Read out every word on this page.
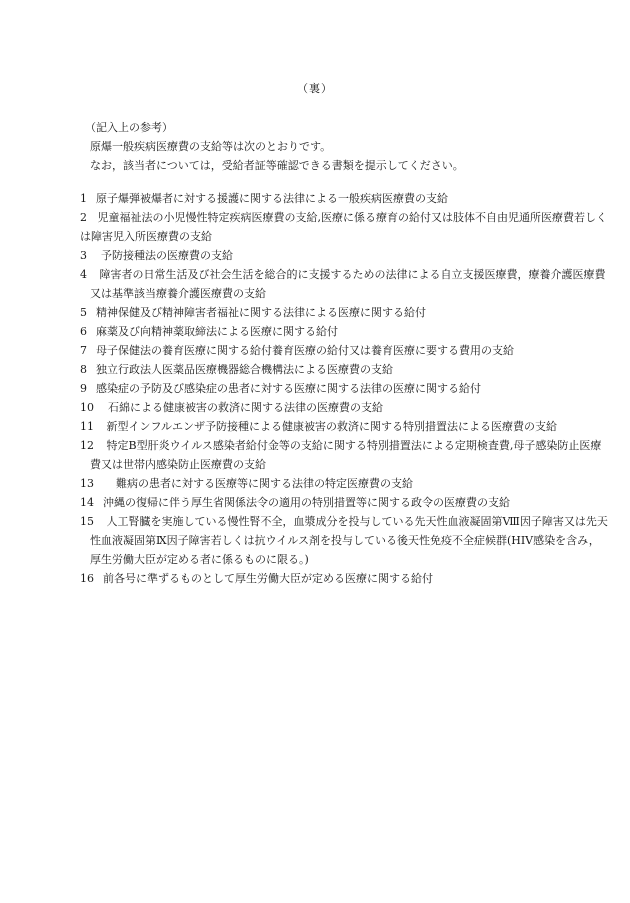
（裏）
（記入上の参考）
原爆一般疾病医療費の支給等は次のとおりです。
なお，該当者については，受給者証等確認できる書類を提示してください。
1 原子爆弾被爆者に対する援護に関する法律による一般疾病医療費の支給
2 児童福祉法の小児慢性特定疾病医療費の支給,医療に係る療育の給付又は肢体不自由児通所医療費若しくは障害児入所医療費の支給
3 予防接種法の医療費の支給
4 障害者の日常生活及び社会生活を総合的に支援するための法律による自立支援医療費，療養介護医療費又は基準該当療養介護医療費の支給
5 精神保健及び精神障害者福祉に関する法律による医療に関する給付
6 麻薬及び向精神薬取締法による医療に関する給付
7 母子保健法の養育医療に関する給付養育医療の給付又は養育医療に要する費用の支給
8 独立行政法人医薬品医療機器総合機構法による医療費の支給
9 感染症の予防及び感染症の患者に対する医療に関する法律の医療に関する給付
10 石綿による健康被害の救済に関する法律の医療費の支給
11 新型インフルエンザ予防接種による健康被害の救済に関する特別措置法による医療費の支給
12 特定B型肝炎ウイルス感染者給付金等の支給に関する特別措置法による定期検査費,母子感染防止医療費又は世帯内感染防止医療費の支給
13 難病の患者に対する医療等に関する法律の特定医療費の支給
14 沖縄の復帰に伴う厚生省関係法令の適用の特別措置等に関する政令の医療費の支給
15 人工腎臓を実施している慢性腎不全，血漿成分を投与している先天性血液凝固第Ⅷ因子障害又は先天性血液凝固第Ⅸ因子障害若しくは抗ウイルス剤を投与している後天性免疫不全症候群(HIV感染を含み，厚生労働大臣が定める者に係るものに限る。)
16 前各号に準ずるものとして厚生労働大臣が定める医療に関する給付
